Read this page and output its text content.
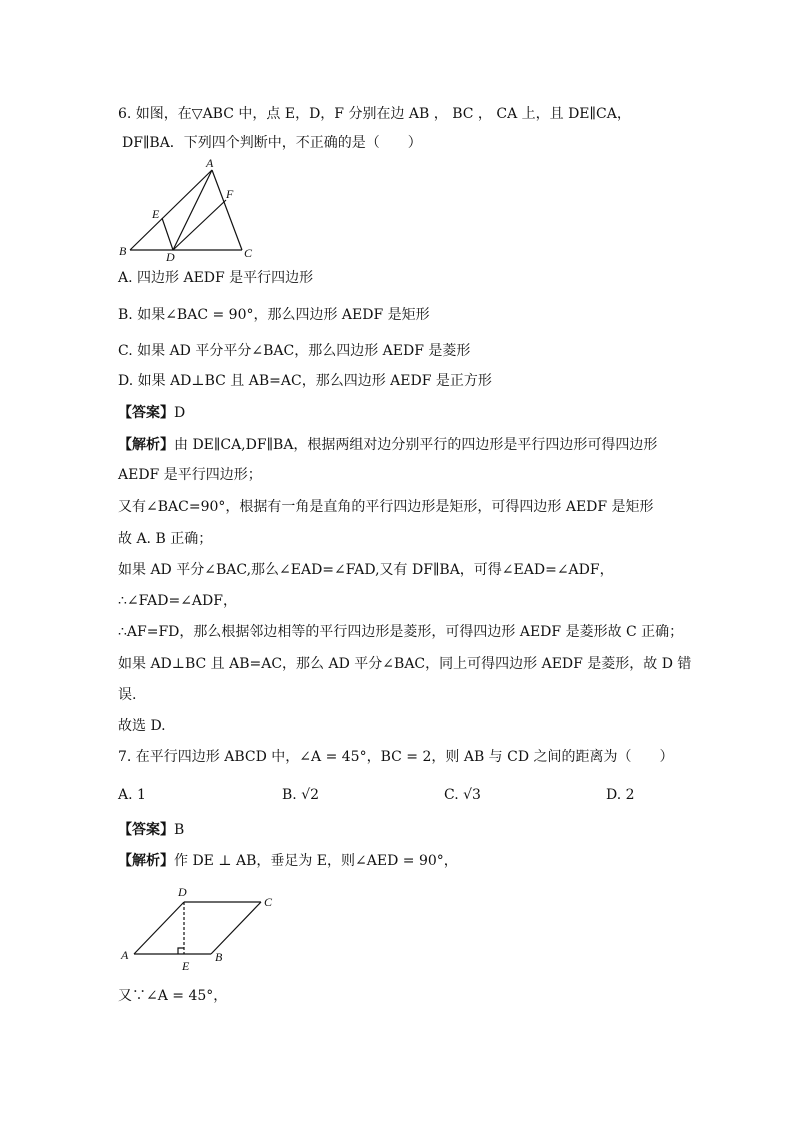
6. 如图，在▽ABC 中，点 E，D，F 分别在边 AB ， BC ， CA 上，且 DE∥CA，
DF∥BA．下列四个判断中，不正确的是（　　）
A
B	C
D
E
F
A. 四边形 AEDF 是平行四边形
B. 如果∠BAC = 90°，那么四边形 AEDF 是矩形
C. 如果 AD 平分平分∠BAC，那么四边形 AEDF 是菱形
D. 如果 AD⊥BC 且 AB=AC，那么四边形 AEDF 是正方形
【答案】D
【解析】由 DE∥CA,DF∥BA，根据两组对边分别平行的四边形是平行四边形可得四边形
AEDF 是平行四边形；
又有∠BAC=90°，根据有一角是直角的平行四边形是矩形，可得四边形 AEDF 是矩形
故 A. B 正确；
如果 AD 平分∠BAC,那么∠EAD=∠FAD,又有 DF∥BA，可得∠EAD=∠ADF，
∴∠FAD=∠ADF，
∴AF=FD，那么根据邻边相等的平行四边形是菱形，可得四边形 AEDF 是菱形故 C 正确；
如果 AD⊥BC 且 AB=AC，那么 AD 平分∠BAC，同上可得四边形 AEDF 是菱形，故 D 错
误.
故选 D.
7. 在平行四边形 ABCD 中，∠A = 45°，BC = 2，则 AB 与 CD 之间的距离为（　　）
A. 1	B. √2	C. √3	D. 2
【答案】B
【解析】作 DE ⊥ AB，垂足为 E，则∠AED = 90°，
A	B
C
D
E
又∵∠A = 45°，
